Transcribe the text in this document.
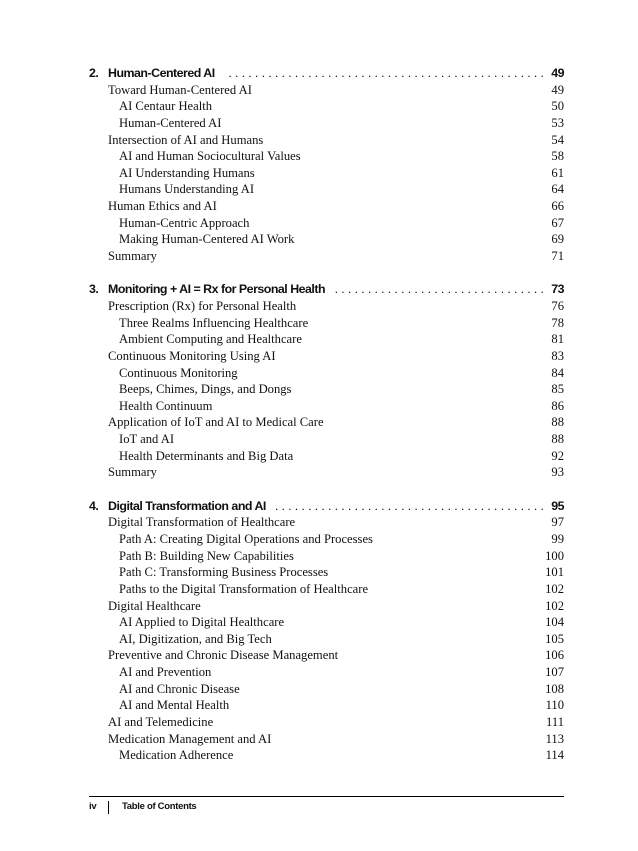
2. Human-Centered AI	................................................ 49
Toward Human-Centered AI	49
AI Centaur Health	50
Human-Centered AI	53
Intersection of AI and Humans	54
AI and Human Sociocultural Values	58
AI Understanding Humans	61
Humans Understanding AI	64
Human Ethics and AI	66
Human-Centric Approach	67
Making Human-Centered AI Work	69
Summary	71
3. Monitoring + AI = Rx for Personal Health ................................ 73
Prescription (Rx) for Personal Health	76
Three Realms Influencing Healthcare	78
Ambient Computing and Healthcare	81
Continuous Monitoring Using AI	83
Continuous Monitoring	84
Beeps, Chimes, Dings, and Dongs	85
Health Continuum	86
Application of IoT and AI to Medical Care	88
IoT and AI	88
Health Determinants and Big Data	92
Summary	93
4. Digital Transformation and AI ......................................... 95
Digital Transformation of Healthcare	97
Path A: Creating Digital Operations and Processes	99
Path B: Building New Capabilities	100
Path C: Transforming Business Processes	101
Paths to the Digital Transformation of Healthcare	102
Digital Healthcare	102
AI Applied to Digital Healthcare	104
AI, Digitization, and Big Tech	105
Preventive and Chronic Disease Management	106
AI and Prevention	107
AI and Chronic Disease	108
AI and Mental Health	110
AI and Telemedicine	111
Medication Management and AI	113
Medication Adherence	114
iv	Table of Contents
